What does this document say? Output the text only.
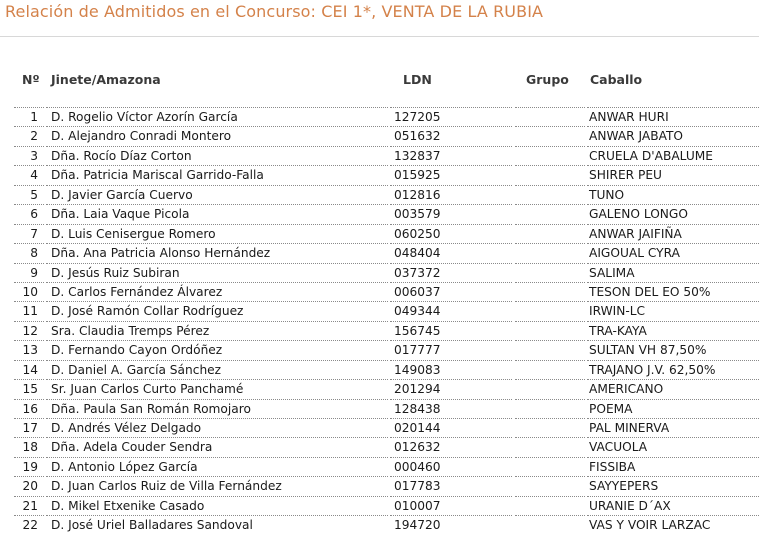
Relación de Admitidos en el Concurso: CEI 1*, VENTA DE LA RUBIA
Nº Jinete/Amazona	LDN	Grupo Caballo
1	D. Rogelio Víctor Azorín García	127205	ANWAR HURI
2	D. Alejandro Conradi Montero	051632	ANWAR JABATO
3	Dña. Rocío Díaz Corton	132837	CRUELA D'ABALUME
4	Dña. Patricia Mariscal Garrido-Falla	015925	SHIRER PEU
5	D. Javier García Cuervo	012816	TUNO
6	Dña. Laia Vaque Picola	003579	GALENO LONGO
7	D. Luis Cenisergue Romero	060250	ANWAR JAIFIÑA
8	Dña. Ana Patricia Alonso Hernández	048404	AIGOUAL CYRA
9	D. Jesús Ruiz Subiran	037372	SALIMA
10	D. Carlos Fernández Álvarez	006037	TESON DEL EO 50%
11	D. José Ramón Collar Rodríguez	049344	IRWIN-LC
12	Sra. Claudia Tremps Pérez	156745	TRA-KAYA
13	D. Fernando Cayon Ordóñez	017777	SULTAN VH 87,50%
14	D. Daniel A. García Sánchez	149083	TRAJANO J.V. 62,50%
15	Sr. Juan Carlos Curto Panchamé	201294	AMERICANO
16	Dña. Paula San Román Romojaro	128438	POEMA
17	D. Andrés Vélez Delgado	020144	PAL MINERVA
18	Dña. Adela Couder Sendra	012632	VACUOLA
19	D. Antonio López García	000460	FISSIBA
20	D. Juan Carlos Ruiz de Villa Fernández	017783	SAYYEPERS
21	D. Mikel Etxenike Casado	010007	URANIE D´AX
22	D. José Uriel Balladares Sandoval	194720	VAS Y VOIR LARZAC
